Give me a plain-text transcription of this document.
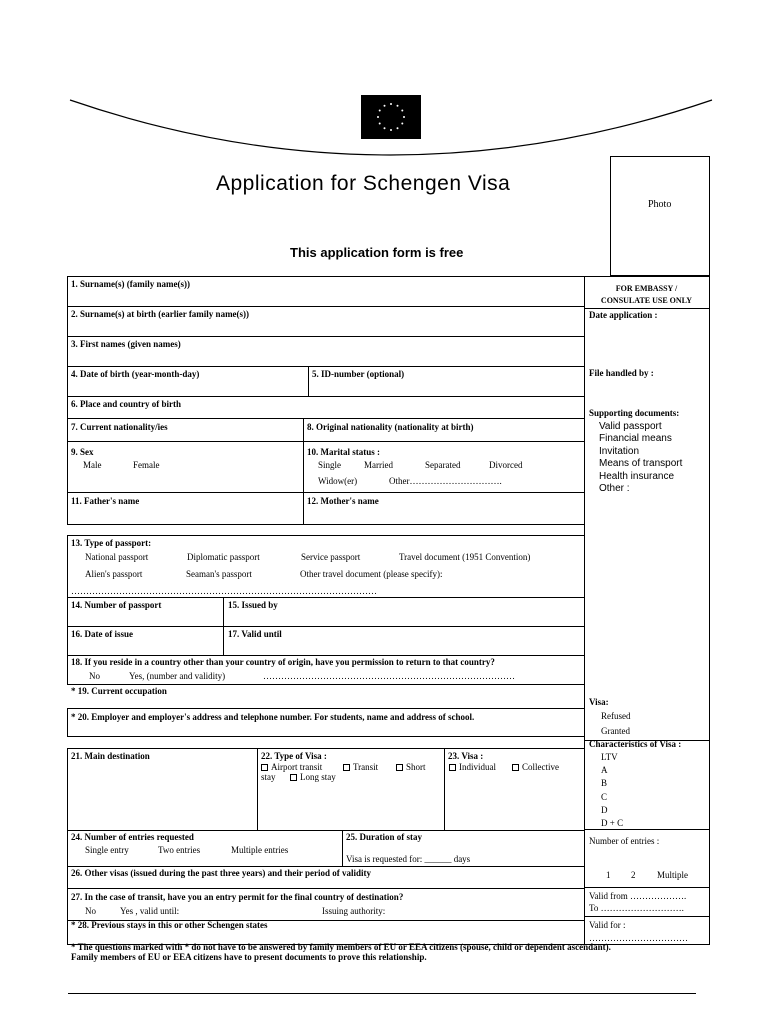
Application for Schengen Visa
Photo
This application form is free
1. Surname(s) (family name(s))
2. Surname(s) at birth (earlier family name(s))
3. First names (given names)
4. Date of birth (year-month-day)	5. ID-number (optional)
6. Place and country of birth
7. Current nationality/ies	8. Original nationality (nationality at birth)
9. Sex
Male	Female
10. Marital status :
Single	Married	Separated	Divorced
Widow(er)	Other………………………….
11. Father's name	12. Mother's name
13. Type of passport:
National passport	Diplomatic passport	Service passport	Travel document (1951 Convention)
Alien's passport	Seaman's passport	Other travel document (please specify):
…………………………………………………………………………………………
14. Number of passport	15. Issued by
16. Date of issue	17. Valid until
18. If you reside in a country other than your country of origin, have you permission to return to that country?
No	Yes, (number and validity)	…………………………………………………………………………
* 19. Current occupation
* 20. Employer and employer's address and telephone number. For students, name and address of school.
21. Main destination	22. Type of Visa :
Airport transit	Transit	Short
stay	Long stay
23. Visa :
Individual	Collective
24. Number of entries requested
Single entry	Two entries	Multiple entries
25. Duration of stay
Visa is requested for: ______ days
26. Other visas (issued during the past three years) and their period of validity
27. In the case of transit, have you an entry permit for the final country of destination?
No	Yes , valid until:	Issuing authority:
* 28. Previous stays in this or other Schengen states
FOR EMBASSY /
CONSULATE USE ONLY
Date application :
File handled by :
Supporting documents:
Valid passport
Financial means
Invitation
Means of transport
Health insurance
Other :
Visa:
Refused
Granted
Characteristics of Visa :
LTV
A
B
C
D
D + C
Number of entries :
1 2 Multiple
Valid from ……………….
To ……………………….
Valid for :
……………………………
* The questions marked with * do not have to be answered by family members of EU or EEA citizens (spouse, child or dependent ascendant).
Family members of EU or EEA citizens have to present documents to prove this relationship.
